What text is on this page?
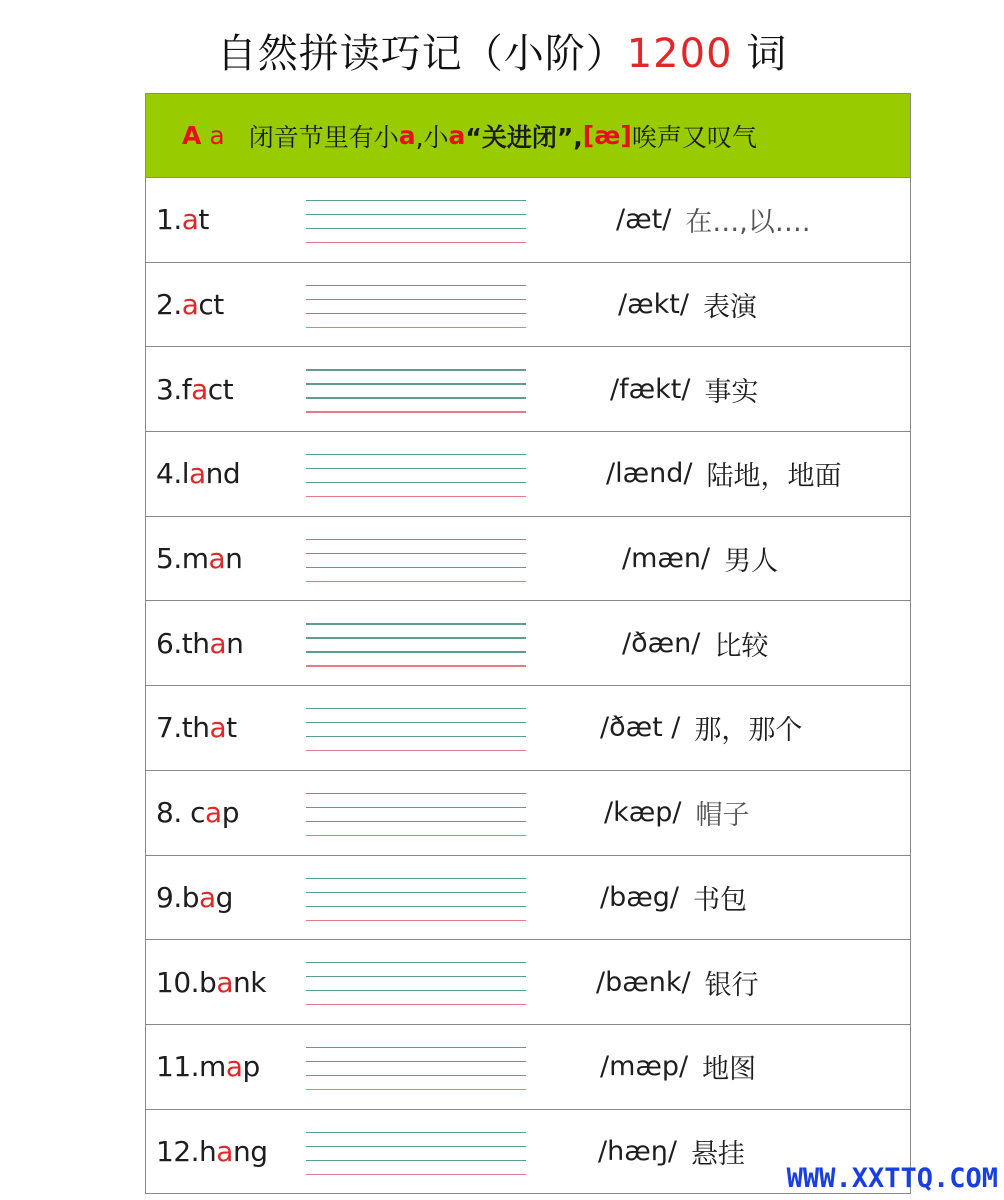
自然拼读巧记（小阶）1200 词
A a 闭音节里有小 a ,小 a “关进闭”, [æ] 唉声又叹气
1. a t	/æt/ 在…,以….
2. a ct	/ækt/ 表演
3.f a ct	/fækt/ 事实
4.l a nd	/lænd/ 陆地，地面
5.m a n	/mæn/ 男人
6.th a n	/ðæn/ 比较
7.th a t	/ðæt / 那，那个
8. c a p	/kæp/ 帽子
9.b a g	/bæg/ 书包
10.b a nk	/bænk/ 银行
11.m a p	/mæp/ 地图
12.h a ng	/hæŋ/ 悬挂
WWW.XXTTQ.COM
